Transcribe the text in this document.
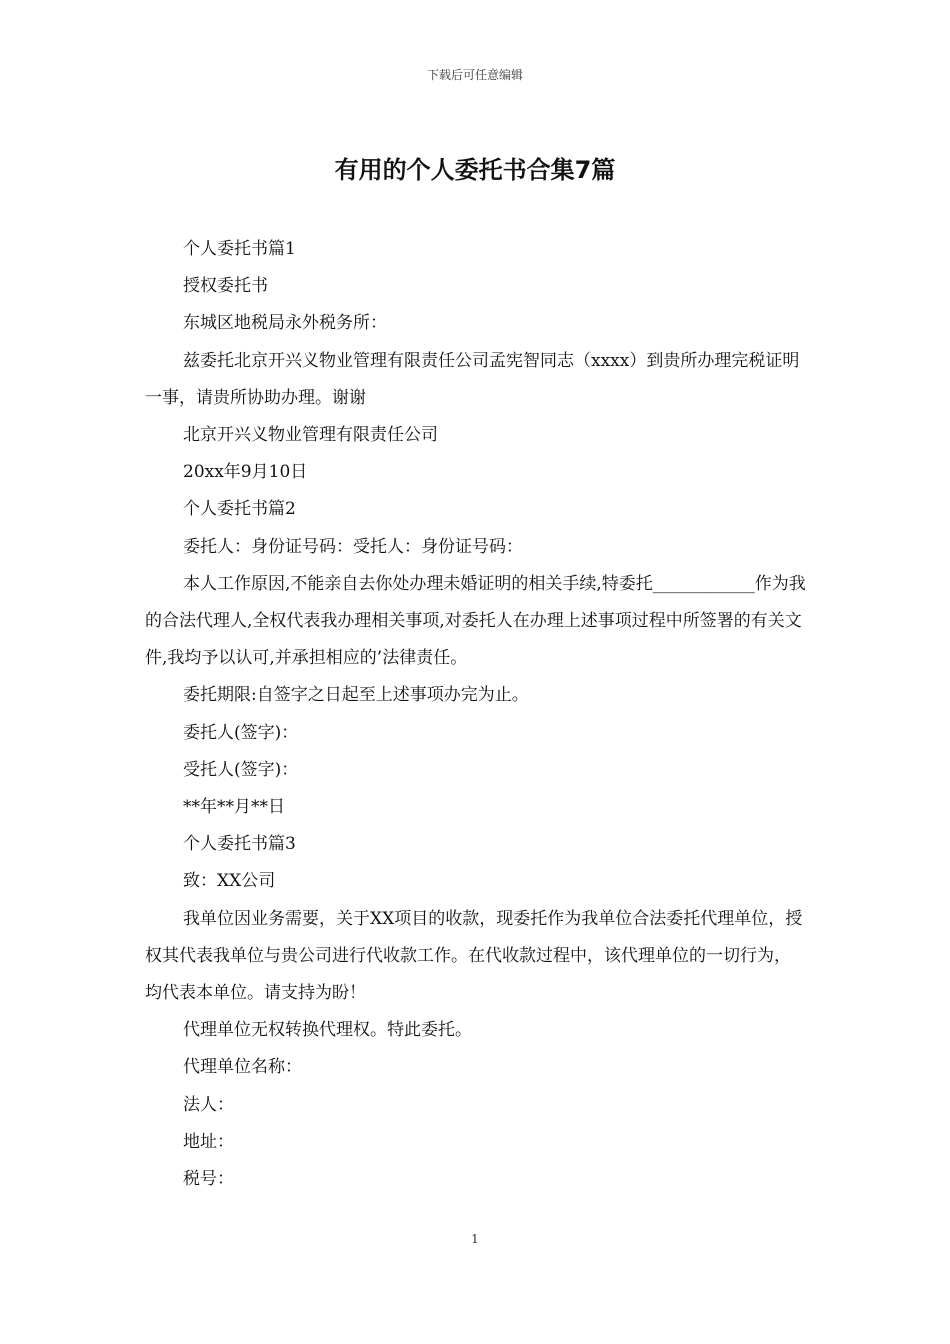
下载后可任意编辑
有用的个人委托书合集7篇

个人委托书篇1

授权委托书

东城区地税局永外税务所：

兹委托北京开兴义物业管理有限责任公司孟宪智同志（xxxx）到贵所办理完税证明一事，请贵所协助办理。谢谢

北京开兴义物业管理有限责任公司

20xx年9月10日

个人委托书篇2

委托人：身份证号码：受托人：身份证号码：

本人工作原因,不能亲自去你处办理未婚证明的相关手续,特委托____________作为我的合法代理人,全权代表我办理相关事项,对委托人在办理上述事项过程中所签署的有关文件,我均予以认可,并承担相应的’法律责任。

委托期限:自签字之日起至上述事项办完为止。

委托人(签字)：

受托人(签字)：

**年**月**日

个人委托书篇3

致：XX公司

我单位因业务需要，关于XX项目的收款，现委托作为我单位合法委托代理单位，授权其代表我单位与贵公司进行代收款工作。在代收款过程中，该代理单位的一切行为，均代表本单位。请支持为盼！

代理单位无权转换代理权。特此委托。

代理单位名称：

法人：

地址：

税号：

1
